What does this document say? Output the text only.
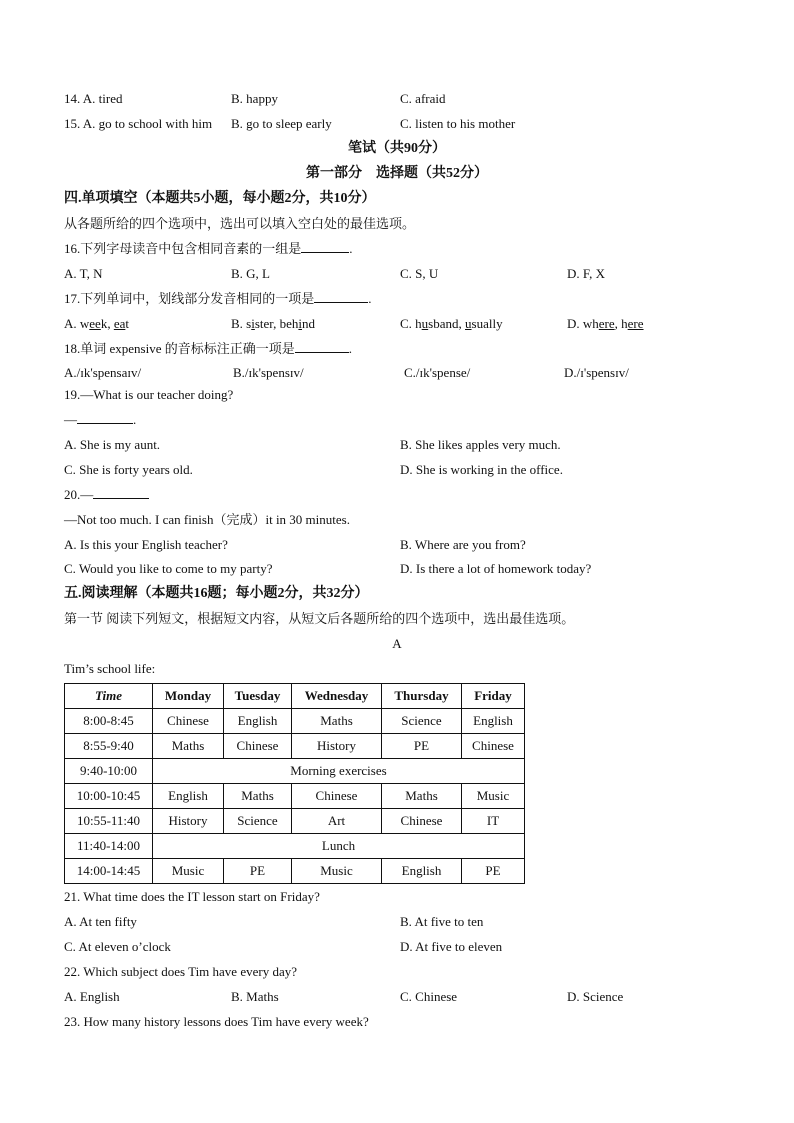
14. A. tired	B. happy	C. afraid
15. A. go to school with him B. go to sleep early	C. listen to his mother
笔试（共90分）
第一部分　选择题（共52分）
四.单项填空（本题共5小题，每小题2分，共10分）
从各题所给的四个选项中，选出可以填入空白处的最佳选项。
16.下列字母读音中包含相同音素的一组是	.
A. T, N	B. G, L	C. S, U	D. F, X
17.下列单词中，划线部分发音相同的一项是	.
A. week, eat	B. sister, behind	C. husband, usually	D. where, here
18.单词 expensive 的音标标注正确一项是	.
A./ɪk'spensaɪv/	B./ɪk'spensɪv/	C./ɪk'spense/	D./ɪ'spensɪv/
19.—What is our teacher doing?
—	.
A. She is my aunt.	B. She likes apples very much.
C. She is forty years old.	D. She is working in the office.
20.—
—Not too much. I can finish（完成）it in 30 minutes.
A. Is this your English teacher?	B. Where are you from?
C. Would you like to come to my party?	D. Is there a lot of homework today?
五.阅读理解（本题共16题；每小题2分，共32分）
第一节 阅读下列短文，根据短文内容，从短文后各题所给的四个选项中，选出最佳选项。
A
Tim’s school life:
Time	Monday	Tuesday	Wednesday	Thursday	Friday
8:00-8:45	Chinese	English	Maths	Science	English
8:55-9:40	Maths	Chinese	History	PE	Chinese
9:40-10:00	Morning exercises				
10:00-10:45	English	Maths	Chinese	Maths	Music
10:55-11:40	History	Science	Art	Chinese	IT
11:40-14:00	Lunch				
14:00-14:45	Music	PE	Music	English	PE
21. What time does the IT lesson start on Friday?
A. At ten fifty	B. At five to ten
C. At eleven o’clock	D. At five to eleven
22. Which subject does Tim have every day?
A. English	B. Maths	C. Chinese	D. Science
23. How many history lessons does Tim have every week?
